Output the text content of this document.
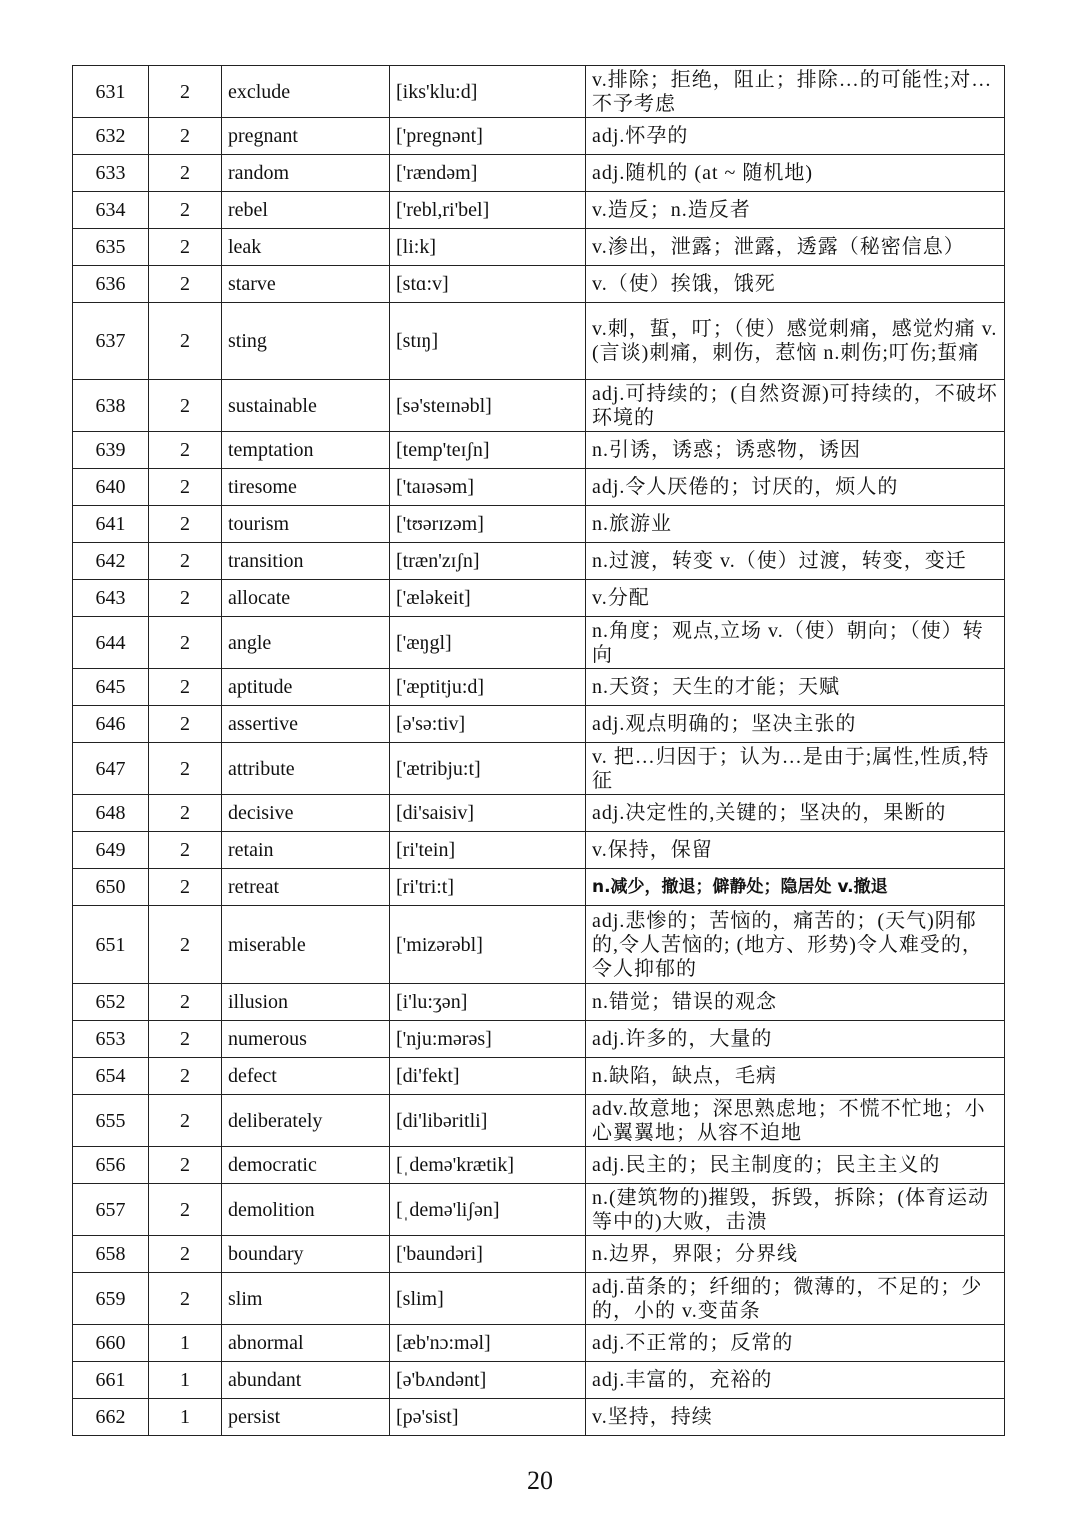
631	2	exclude	[iks'klu:d]	v.排除；拒绝，阻止；排除…的可能性;对…不予考虑
632	2	pregnant	['pregnənt]	adj.怀孕的
633	2	random	['rændəm]	adj.随机的 (at ~ 随机地)
634	2	rebel	['rebl,ri'bel]	v.造反；n.造反者
635	2	leak	[li:k]	v.渗出，泄露；泄露，透露（秘密信息）
636	2	starve	[stɑ:v]	v.（使）挨饿，饿死
637	2	sting	[stɪŋ]	v.刺，蜇，叮；（使）感觉刺痛，感觉灼痛 v.(言谈)刺痛，刺伤，惹恼 n.刺伤;叮伤;蜇痛
638	2	sustainable	[sə'steɪnəbl]	adj.可持续的；(自然资源)可持续的，不破坏环境的
639	2	temptation	[temp'teɪʃn]	n.引诱，诱惑；诱惑物，诱因
640	2	tiresome	['taɪəsəm]	adj.令人厌倦的；讨厌的，烦人的
641	2	tourism	['tʊərɪzəm]	n.旅游业
642	2	transition	[træn'zɪʃn]	n.过渡，转变 v.（使）过渡，转变，变迁
643	2	allocate	['æləkeit]	v.分配
644	2	angle	['æŋgl]	n.角度；观点,立场 v.（使）朝向；（使）转向
645	2	aptitude	['æptitju:d]	n.天资；天生的才能；天赋
646	2	assertive	[ə'sə:tiv]	adj.观点明确的；坚决主张的
647	2	attribute	['ætribju:t]	v. 把…归因于；认为…是由于;属性,性质,特征
648	2	decisive	[di'saisiv]	adj.决定性的,关键的；坚决的，果断的
649	2	retain	[ri'tein]	v.保持，保留
650	2	retreat	[ri'tri:t]	n.减少，撤退；僻静处；隐居处 v.撤退
651	2	miserable	['mizərəbl]	adj.悲惨的；苦恼的，痛苦的；(天气)阴郁的,令人苦恼的; (地方、形势)令人难受的，令人抑郁的
652	2	illusion	[i'lu:ʒən]	n.错觉；错误的观念
653	2	numerous	['nju:mərəs]	adj.许多的，大量的
654	2	defect	[di'fekt]	n.缺陷，缺点，毛病
655	2	deliberately	[di'libəritli]	adv.故意地；深思熟虑地；不慌不忙地；小心翼翼地；从容不迫地
656	2	democratic	[ˌdemə'krætik]	adj.民主的；民主制度的；民主主义的
657	2	demolition	[ˌdemə'liʃən]	n.(建筑物的)摧毁，拆毁，拆除；(体育运动等中的)大败，击溃
658	2	boundary	['baundəri]	n.边界，界限；分界线
659	2	slim	[slim]	adj.苗条的；纤细的；微薄的，不足的；少的，小的 v.变苗条
660	1	abnormal	[æb'nɔ:məl]	adj.不正常的；反常的
661	1	abundant	[ə'bʌndənt]	adj.丰富的，充裕的
662	1	persist	[pə'sist]	v.坚持，持续
20
